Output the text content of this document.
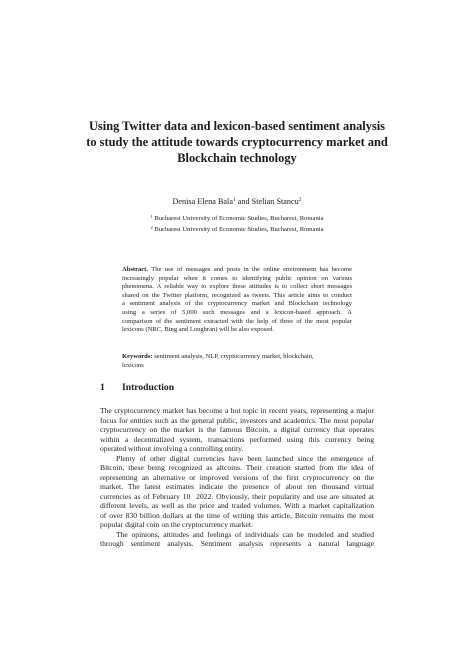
Using Twitter data and lexicon-based sentiment analysis
to study the attitude towards cryptocurrency market and
Blockchain technology
Denisa Elena Bala$^1$ and Stelian Stancu$^2$
$^1$ Bucharest University of Economic Studies, Bucharest, Romania
$^2$ Bucharest University of Economic Studies, Bucharest, Romania
Abstract. The use of messages and posts in the online environment has become
increasingly popular when it comes to identifying public opinion on various
phenomena. A reliable way to explore these attitudes is to collect short messages
shared on the Twitter platform, recognized as tweets. This article aims to conduct
a sentiment analysis of the cryptocurrency market and Blockchain technology
using a series of 5,000 such messages and a lexicon-based approach. A
comparison of the sentiment extracted with the help of three of the most popular
lexicons (NRC, Bing and Loughran) will be also exposed.
Keywords: sentiment analysis, NLP, cryptocurrency market, blockchain,
lexicons
1 Introduction
The cryptocurrency market has become a hot topic in recent years, representing a major
focus for entities such as the general public, investors and academics. The most popular
cryptocurrency on the market is the famous Bitcoin, a digital currency that operates
within a decentralized system, transactions performed using this currency being
operated without involving a controlling entity.
Plenty of other digital currencies have been launched since the emergence of
Bitcoin, these being recognized as altcoins. Their creation started from the idea of
representing an alternative or improved versions of the first cryptocurrency on the
market. The latest estimates indicate the presence of about ten thousand virtual
currencies as of February 10  2022. Obviously, their popularity and use are situated at
different levels, as well as the price and traded volumes. With a market capitalization
of over 830 billion dollars at the time of writing this article, Bitcoin remains the most
popular digital coin on the cryptocurrency market.
The opinions, attitudes and feelings of individuals can be modeled and studied
through sentiment analysis. Sentiment analysis represents a natural language
